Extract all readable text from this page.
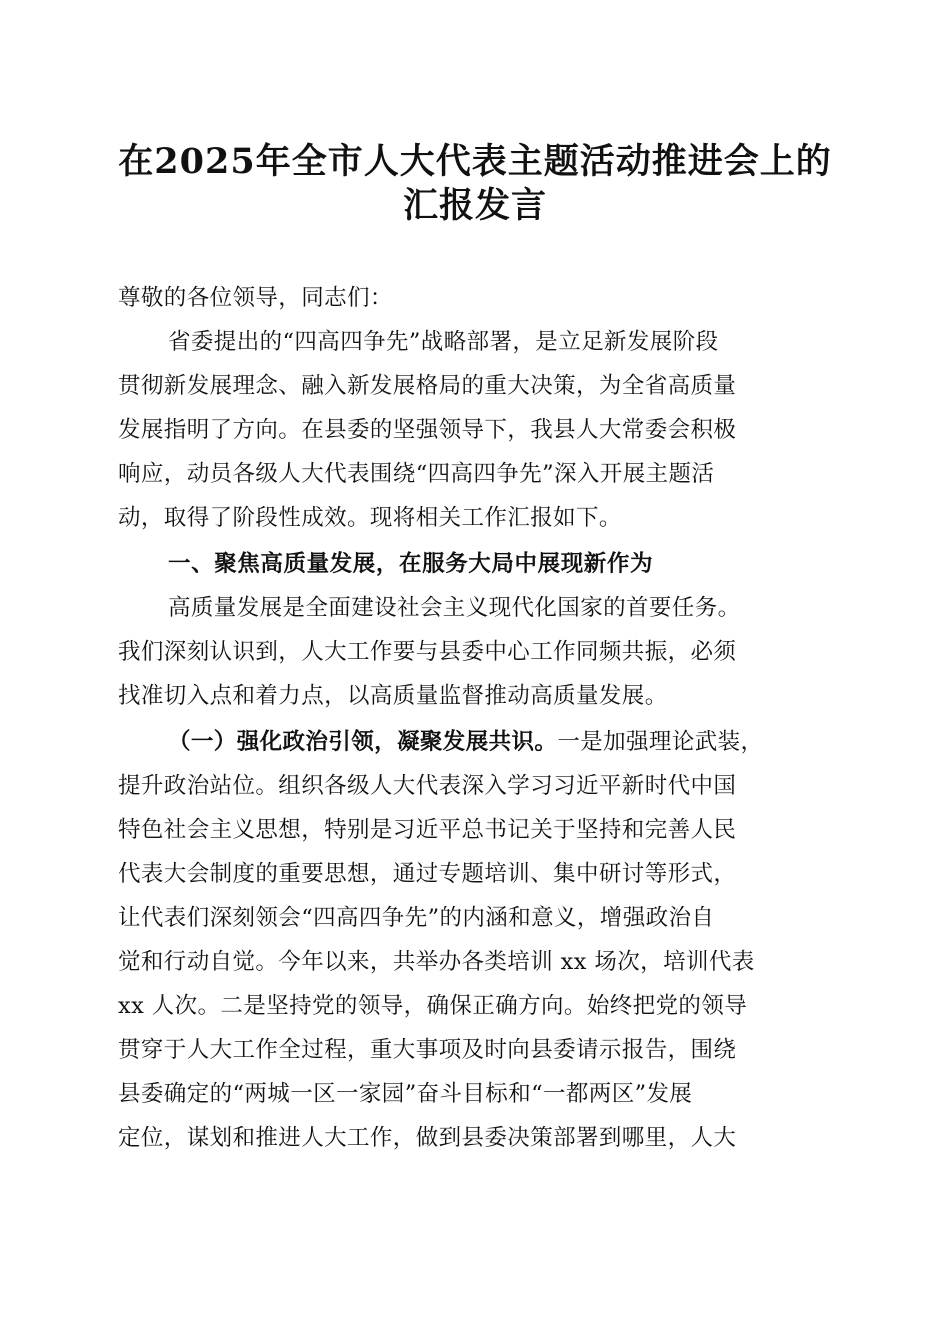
在2025年全市人大代表主题活动推进会上的
汇报发言

尊敬的各位领导，同志们：

省委提出的“四高四争先”战略部署，是立足新发展阶段

贯彻新发展理念、融入新发展格局的重大决策，为全省高质量

发展指明了方向。在县委的坚强领导下，我县人大常委会积极

响应，动员各级人大代表围绕“四高四争先”深入开展主题活

动，取得了阶段性成效。现将相关工作汇报如下。

一、聚焦高质量发展，在服务大局中展现新作为

高质量发展是全面建设社会主义现代化国家的首要任务。

我们深刻认识到，人大工作要与县委中心工作同频共振，必须

找准切入点和着力点，以高质量监督推动高质量发展。

（一）强化政治引领，凝聚发展共识。一是加强理论武装，

提升政治站位。组织各级人大代表深入学习习近平新时代中国

特色社会主义思想，特别是习近平总书记关于坚持和完善人民

代表大会制度的重要思想，通过专题培训、集中研讨等形式，

让代表们深刻领会“四高四争先”的内涵和意义，增强政治自

觉和行动自觉。今年以来，共举办各类培训 xx 场次，培训代表

xx 人次。二是坚持党的领导，确保正确方向。始终把党的领导

贯穿于人大工作全过程，重大事项及时向县委请示报告，围绕

县委确定的“两城一区一家园”奋斗目标和“一都两区”发展

定位，谋划和推进人大工作，做到县委决策部署到哪里，人大
